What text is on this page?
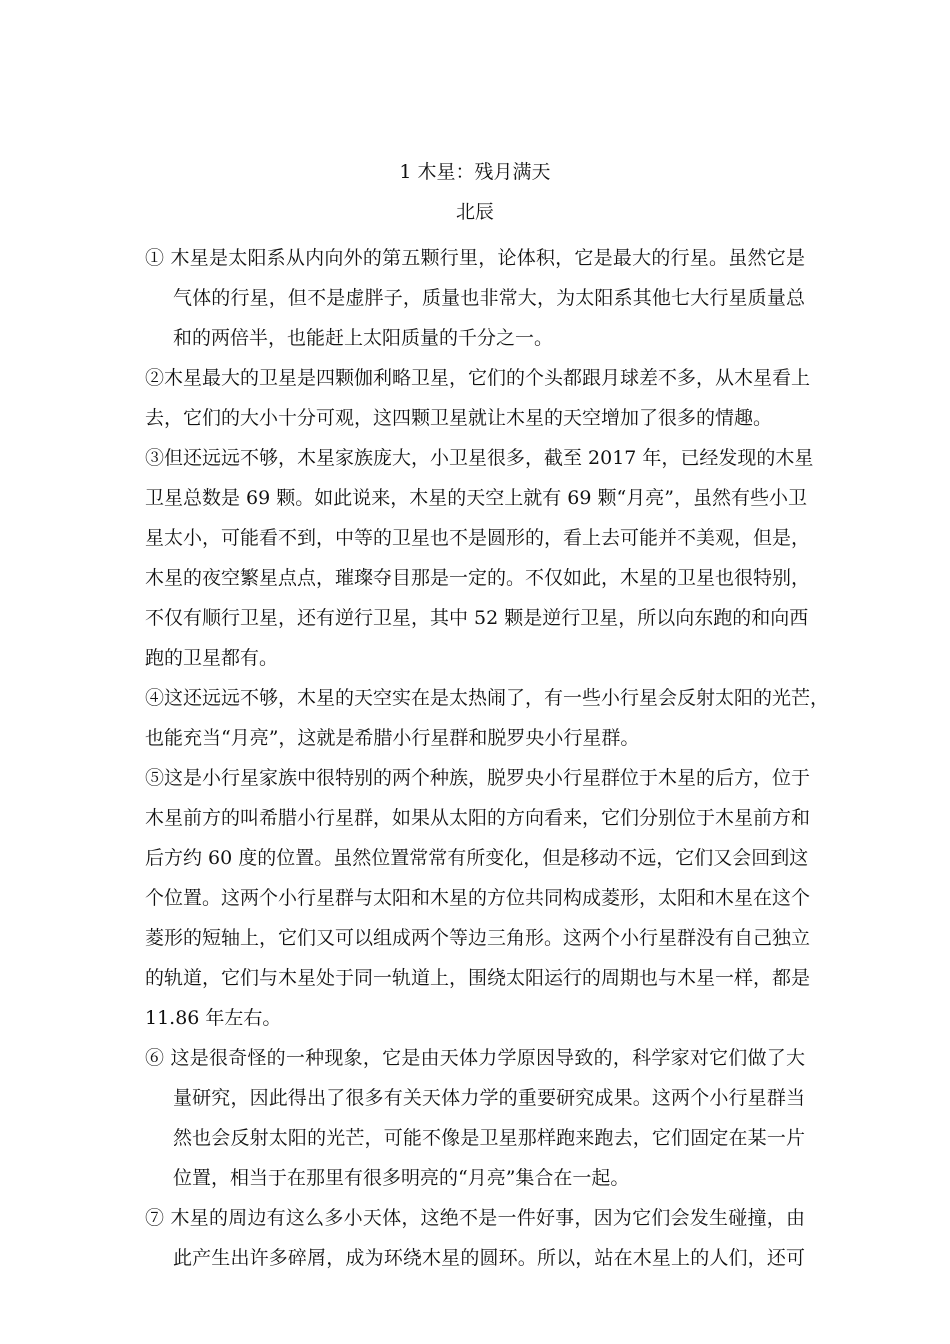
1 木星：残月满天
北辰
① 木星是太阳系从内向外的第五颗行里，论体积，它是最大的行星。虽然它是
气体的行星，但不是虚胖子，质量也非常大，为太阳系其他七大行星质量总
和的两倍半，也能赶上太阳质量的千分之一。
②木星最大的卫星是四颗伽利略卫星，它们的个头都跟月球差不多，从木星看上
去，它们的大小十分可观，这四颗卫星就让木星的天空增加了很多的情趣。
③但还远远不够，木星家族庞大，小卫星很多，截至 2017 年，已经发现的木星
卫星总数是 69 颗。如此说来，木星的天空上就有 69 颗“月亮”，虽然有些小卫
星太小，可能看不到，中等的卫星也不是圆形的，看上去可能并不美观，但是，
木星的夜空繁星点点，璀璨夺目那是一定的。不仅如此，木星的卫星也很特别，
不仅有顺行卫星，还有逆行卫星，其中 52 颗是逆行卫星，所以向东跑的和向西
跑的卫星都有。
④这还远远不够，木星的天空实在是太热闹了，有一些小行星会反射太阳的光芒，
也能充当“月亮”，这就是希腊小行星群和脱罗央小行星群。
⑤这是小行星家族中很特别的两个种族，脱罗央小行星群位于木星的后方，位于
木星前方的叫希腊小行星群，如果从太阳的方向看来，它们分别位于木星前方和
后方约 60 度的位置。虽然位置常常有所变化，但是移动不远，它们又会回到这
个位置。这两个小行星群与太阳和木星的方位共同构成菱形，太阳和木星在这个
菱形的短轴上，它们又可以组成两个等边三角形。这两个小行星群没有自己独立
的轨道，它们与木星处于同一轨道上，围绕太阳运行的周期也与木星一样，都是
11.86 年左右。
⑥ 这是很奇怪的一种现象，它是由天体力学原因导致的，科学家对它们做了大
量研究，因此得出了很多有关天体力学的重要研究成果。这两个小行星群当
然也会反射太阳的光芒，可能不像是卫星那样跑来跑去，它们固定在某一片
位置，相当于在那里有很多明亮的“月亮”集合在一起。
⑦ 木星的周边有这么多小天体，这绝不是一件好事，因为它们会发生碰撞，由
此产生出许多碎屑，成为环绕木星的圆环。所以，站在木星上的人们，还可
